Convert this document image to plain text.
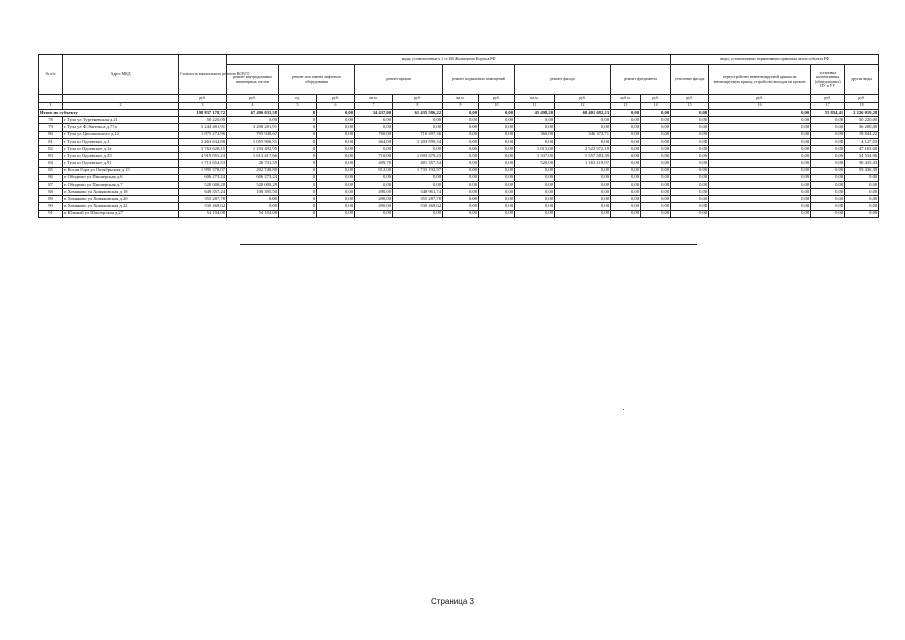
№ п/п	Адрес МКД	Стоимость капитального ремонта ВСЕГО	виды, установленные ч.1 ст.166 Жилищного Кодекса РФ											виды, установленные нормативным правовым актом субъекта РФ			
			ремонт внутридомовых инженерных систем	ремонт или замена лифтового оборудования		ремонт крыши		ремонт подвальных помещений		ремонт фасада		ремонт фундамента		утепление фасада	переустройство невентилируемой крыши на вентилируемую крышу, устройство выходов на кровлю	установка коллективных (общедомовых) ПУ и УУ	другие виды
		руб.	руб.	ед.	руб.	кв.м.	руб.	кв.м.	руб.	кв.м.	руб.	куб.м.	руб.	руб.	руб.	руб.	руб.
1	2	3	4	5	6	7	8	9	10	11	12	13	14	15	16	17	18
Итого по субъекту		198 837 178,72	67 486 035,58	0	0,00	34 437,00	61 435 586,22	0,00	0,00	45 498,20	68 401 682,23	0,00	0,00	0,00	0,00	55 854,41	2 226 019,28
78	г Тула ул Тургеневская д.21	50 220,00	0,00	0	0,00	0,00	0,00	0,00	0,00	0,00	0,00	0,00	0,00	0,00	0,00	0,00	50 220,00
79	г Тула ул Ф.Энгельса д.77а	3 244 481,91	3 208 281,91	0	0,00	0,00	0,00	0,00	0,00	0,00	0,00	0,00	0,00	0,00	0,00	0,00	36 200,00
80	г Тула ул Циолковского д.12	1 875 272,96	793 948,67	0	0,00	760,00	716 497,36	0,00	0,00	360,00	346 372,71	0,00	0,00	0,00	0,00	0,00	18 844,22
81	г Тула ш Одоевское д.1	2 263 632,68	1 055 906,31	0	0,00	464,00	1 203 599,34	0,00	0,00	0,00	0,00	0,00	0,00	0,00	0,00	0,00	4 127,03
82	г Тула ш Одоевское д.1а	3 763 628,15	1 193 492,95	0	0,00	0,00	0,00	0,00	0,00	1 015,00	2 522 972,19	0,00	0,00	0,00	0,00	0,00	47 163,00
83	г Тула ш Одоевское д.35	4 919 055,24	1 613 417,66	0	0,00	710,00	1 693 479,23	0,00	0,00	1 337,00	1 557 583,39	0,00	0,00	0,00	0,00	0,00	54 534,96
84	г Тула ш Одоевское д.91	1 713 654,53	26 741,59	0	0,00	409,70	481 357,54	0,00	0,00	520,00	1 163 119,97	0,00	0,00	0,00	0,00	0,00	30 435,43
85	п Косая Гора ул Октябрьская д.15	1 995 378,07	202 748,80	0	0,00	812,00	1 733 192,97	0,00	0,00	0,00	0,00	0,00	0,00	0,00	0,00	0,00	59 436,30
86	п Обидимо ул Пионерская д.6	606 273,24	606 273,24	0	0,00	0,00	0,00	0,00	0,00	0,00	0,00	0,00	0,00	0,00	0,00	0,00	0,00
87	п Обидимо ул Пионерская д.7	528 008,28	528 008,28	0	0,00	0,00	0,00	0,00	0,00	0,00	0,00	0,00	0,00	0,00	0,00	0,00	0,00
88	п Хомяково ул Хомяковская д.18	649 357,24	100 395,50	0	0,00	490,00	548 961,74	0,00	0,00	0,00	0,00	0,00	0,00	0,00	0,00	0,00	0,00
89	п Хомяково ул Хомяковская д.20	355 287,78	0,00	0	0,00	490,00	355 287,78	0,00	0,00	0,00	0,00	0,00	0,00	0,00	0,00	0,00	0,00
90	п Хомяково ул Хомяковская д.22	530 468,62	0,00	0	0,00	490,00	530 468,62	0,00	0,00	0,00	0,00	0,00	0,00	0,00	0,00	0,00	0,00
91	п Южный ул Шахтерская д.27	54 104,08	54 104,08	0	0,00	0,00	0,00	0,00	0,00	0,00	0,00	0,00	0,00	0,00	0,00	0,00	0,00
Страница 3
